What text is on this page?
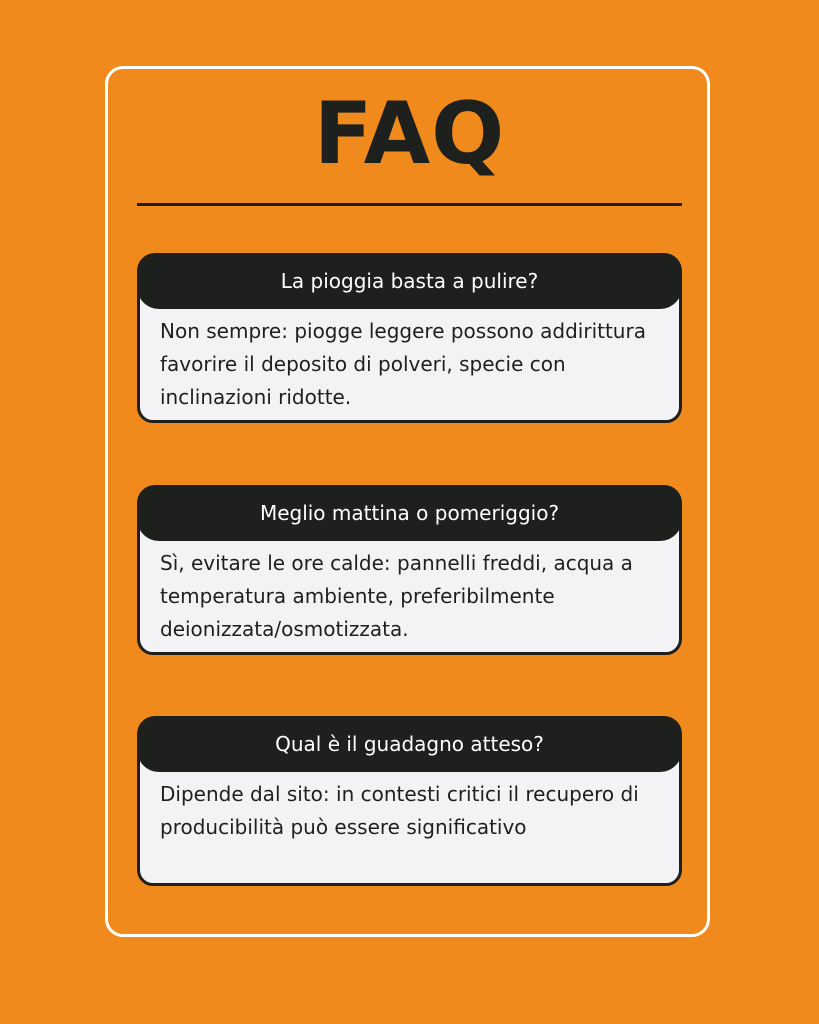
FAQ

Non sempre: piogge leggere possono addirittura favorire il deposito di polveri, specie con inclinazioni ridotte.

La pioggia basta a pulire?

Sì, evitare le ore calde: pannelli freddi, acqua a temperatura ambiente, preferibilmente deionizzata/osmotizzata.

Meglio mattina o pomeriggio?

Dipende dal sito: in contesti critici il recupero di producibilità può essere significativo

Qual è il guadagno atteso?
